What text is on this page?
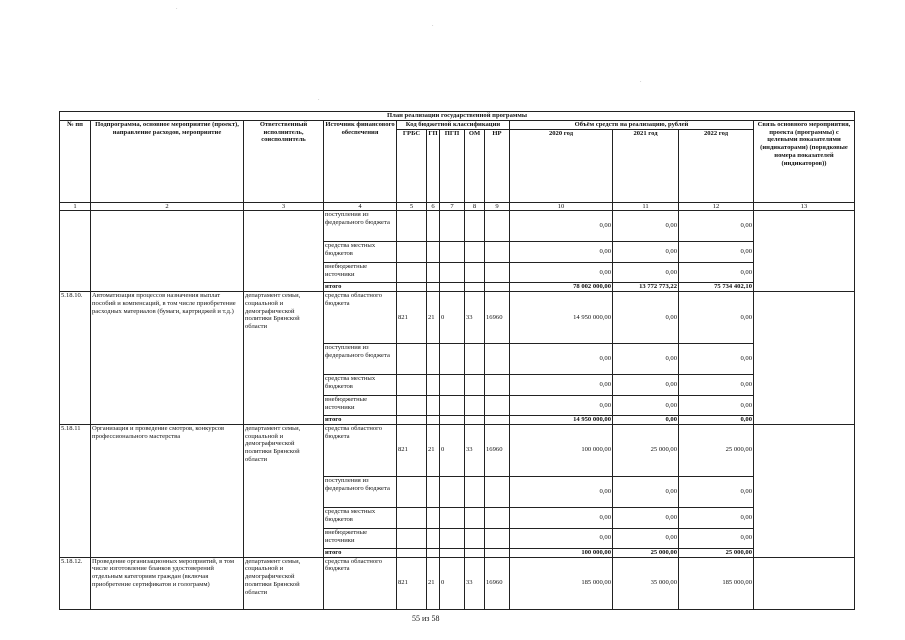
.
.
.
.
План реализации государственной программы												
№ пп	Подпрограмма, основное мероприятие (проект), направление расходов, мероприятие	Ответственный исполнитель, соисполнитель	Источник финансового обеспечения	Код бюджетной классификации					Объём средств на реализацию, рублей			Связь основного мероприятия, проекта (программы) с целевыми показателями (индикаторами) (порядковые номера показателей (индикаторов))
				ГРБС	ГП	ПГП	ОМ	НР	2020 год	2021 год	2022 год	
1	2	3	4	5	6	7	8	9	10	11	12	13
			поступления из федерального бюджета						0,00	0,00	0,00	
			средства местных бюджетов						0,00	0,00	0,00	
			внебюджетные источники						0,00	0,00	0,00	
			итого						78 002 000,00	13 772 773,22	75 734 402,10	
5.18.10.	Автоматизация процессов назначения выплат пособий и компенсаций, в том числе приобретение расходных материалов (бумаги, картриджей и т.д.)	департамент семьи, социальной и демографической политики Брянской области	средства областного бюджета	821	21	0	33	16960	14 950 000,00	0,00	0,00	
			поступления из федерального бюджета						0,00	0,00	0,00	
			средства местных бюджетов						0,00	0,00	0,00	
			внебюджетные источники						0,00	0,00	0,00	
			итого						14 950 000,00	0,00	0,00	
5.18.11	Организация и проведение смотров, конкурсов профессионального мастерства	департамент семьи, социальной и демографической политики Брянской области	средства областного бюджета	821	21	0	33	16960	100 000,00	25 000,00	25 000,00	
			поступления из федерального бюджета						0,00	0,00	0,00	
			средства местных бюджетов						0,00	0,00	0,00	
			внебюджетные источники						0,00	0,00	0,00	
			итого						100 000,00	25 000,00	25 000,00	
5.18.12.	Проведение организационных мероприятий, в том числе изготовление бланков удостоверений отдельным категориям граждан (включая приобретение сертификатов и голограмм)	департамент семьи, социальной и демографической политики Брянской области	средства областного бюджета	821	21	0	33	16960	185 000,00	35 000,00	185 000,00	
55 из 58
